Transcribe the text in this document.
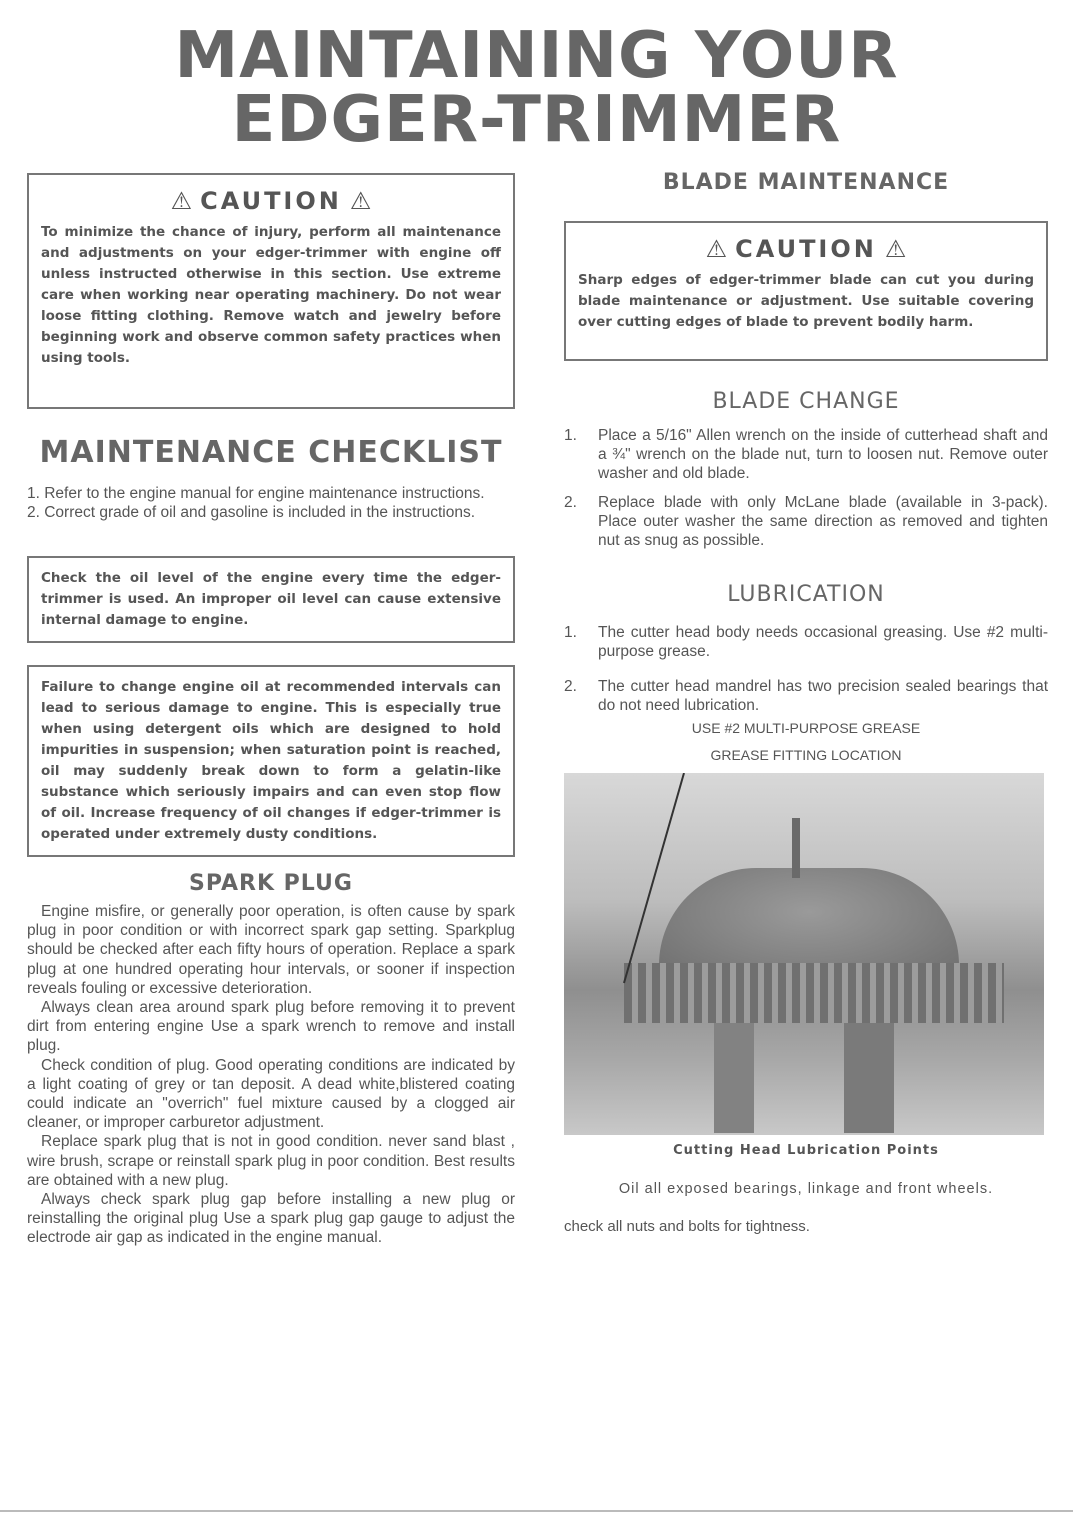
MAINTAINING YOUR
EDGER-TRIMMER
⚠ CAUTION ⚠
To minimize the chance of injury, perform all maintenance and adjustments on your edger-trimmer with engine off unless instructed otherwise in this section. Use extreme care when working near operating machinery. Do not wear loose fitting clothing. Remove watch and jewelry before beginning work and observe common safety practices when using tools.
MAINTENANCE CHECKLIST
1. Refer to the engine manual for engine maintenance instructions.
2. Correct grade of oil and gasoline is included in the instructions.
Check the oil level of the engine every time the edger-trimmer is used. An improper oil level can cause extensive internal damage to engine.
Failure to change engine oil at recommended intervals can lead to serious damage to engine. This is especially true when using detergent oils which are designed to hold impurities in suspension; when saturation point is reached, oil may suddenly break down to form a gelatin-like substance which seriously impairs and can even stop flow of oil. Increase frequency of oil changes if edger-trimmer is operated under extremely dusty conditions.
SPARK PLUG

Engine misfire, or generally poor operation, is often cause by spark plug in poor condition or with incorrect spark gap setting. Sparkplug should be checked after each fifty hours of operation. Replace a spark plug at one hundred operating hour intervals, or sooner if inspection reveals fouling or excessive deterioration.

Always clean area around spark plug before removing it to prevent dirt from entering engine Use a spark wrench to remove and install plug.

Check condition of plug. Good operating conditions are indicated by a light coating of grey or tan deposit. A dead white,blistered coating could indicate an "overrich" fuel mixture caused by a clogged air cleaner, or improper carburetor adjustment.

Replace spark plug that is not in good condition. never sand blast , wire brush, scrape or reinstall spark plug in poor condition. Best results are obtained with a new plug.

Always check spark plug gap before installing a new plug or reinstalling the original plug Use a spark plug gap gauge to adjust the electrode air gap as indicated in the engine manual.

BLADE MAINTENANCE
⚠ CAUTION ⚠
Sharp edges of edger-trimmer blade can cut you during blade maintenance or adjustment. Use suitable covering over cutting edges of blade to prevent bodily harm.
BLADE CHANGE
1.	Place a 5/16" Allen wrench on the inside of cutterhead shaft and a ¾" wrench on the blade nut, turn to loosen nut. Remove outer washer and old blade.
2.	Replace blade with only McLane blade (available in 3-pack). Place outer washer the same direction as removed and tighten nut as snug as possible.
LUBRICATION
1.	The cutter head body needs occasional greasing. Use #2 multi-purpose grease.
2.	The cutter head mandrel has two precision sealed bearings that do not need lubrication.
USE #2 MULTI-PURPOSE GREASE
GREASE FITTING LOCATION
Cutting Head Lubrication Points
Oil all exposed bearings, linkage and front wheels.
check all nuts and bolts for tightness.
